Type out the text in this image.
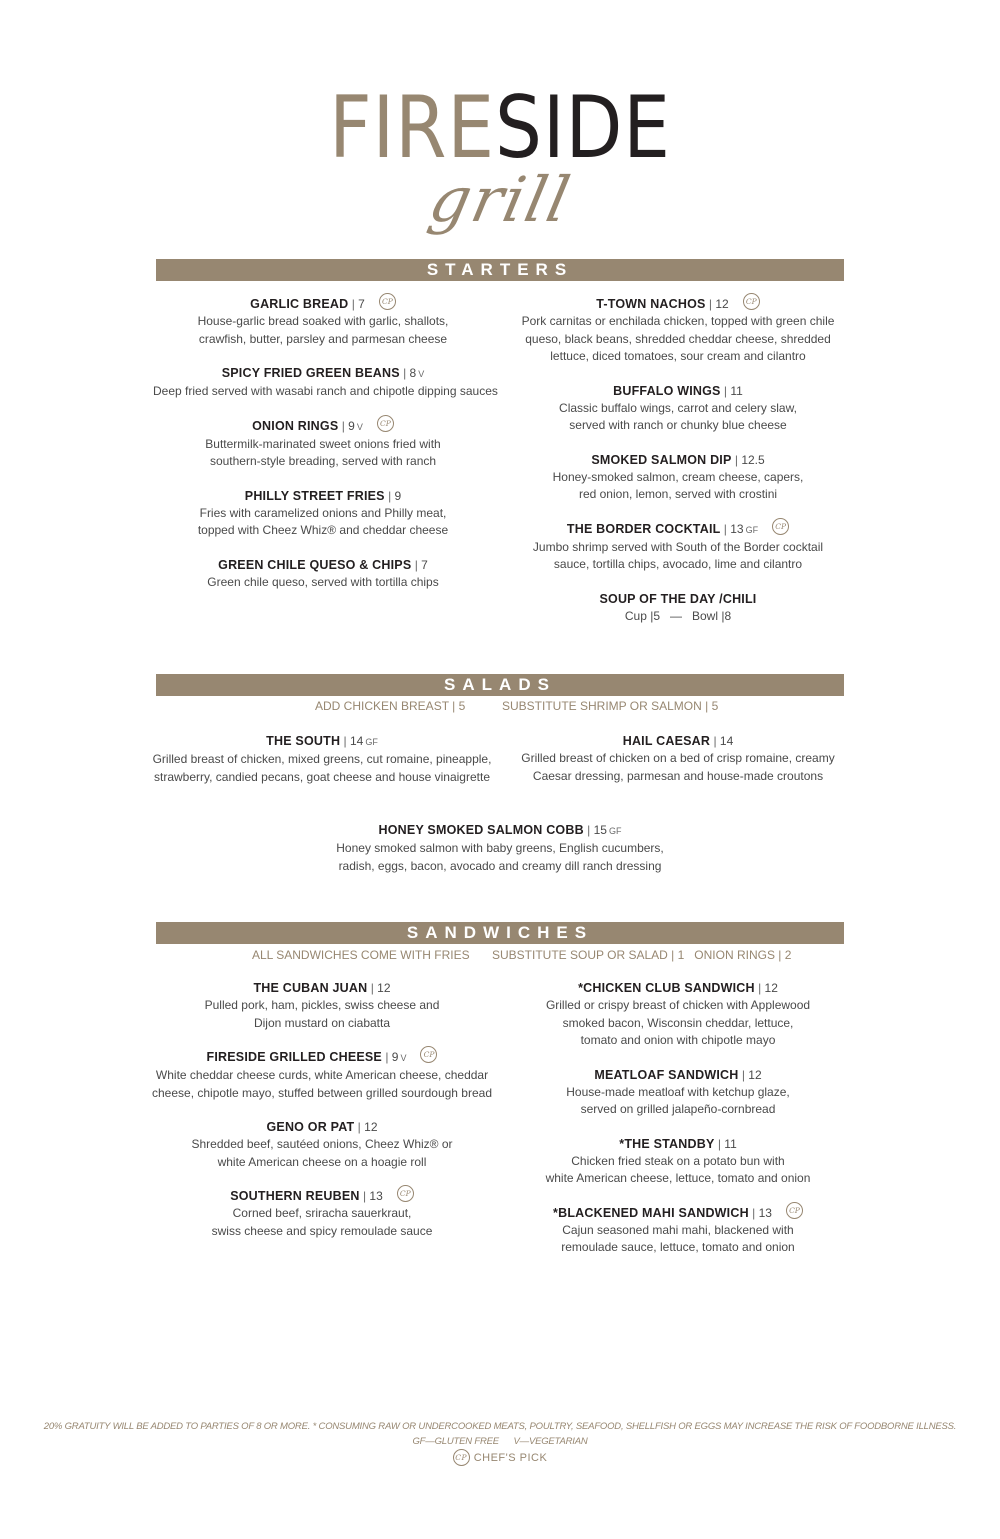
FIRESIDE
grill
STARTERS
GARLIC BREAD | 7 CP
House-garlic bread soaked with garlic, shallots,
crawfish, butter, parsley and parmesan cheese
SPICY FRIED GREEN BEANS | 8 V
Deep fried served with wasabi ranch and chipotle dipping sauces
ONION RINGS | 9 V CP
Buttermilk-marinated sweet onions fried with
southern-style breading, served with ranch
PHILLY STREET FRIES | 9
Fries with caramelized onions and Philly meat,
topped with Cheez Whiz® and cheddar cheese
GREEN CHILE QUESO & CHIPS | 7
Green chile queso, served with tortilla chips
T-TOWN NACHOS | 12 CP
Pork carnitas or enchilada chicken, topped with green chile
queso, black beans, shredded cheddar cheese, shredded
lettuce, diced tomatoes, sour cream and cilantro
BUFFALO WINGS | 11
Classic buffalo wings, carrot and celery slaw,
served with ranch or chunky blue cheese
SMOKED SALMON DIP | 12.5
Honey-smoked salmon, cream cheese, capers,
red onion, lemon, served with crostini
THE BORDER COCKTAIL | 13 GF CP
Jumbo shrimp served with South of the Border cocktail
sauce, tortilla chips, avocado, lime and cilantro
SOUP OF THE DAY /CHILI
Cup |5   —   Bowl |8
SALADS
ADD CHICKEN BREAST | 5	SUBSTITUTE SHRIMP OR SALMON | 5
THE SOUTH | 14 GF
Grilled breast of chicken, mixed greens, cut romaine, pineapple,
strawberry, candied pecans, goat cheese and house vinaigrette
HAIL CAESAR | 14
Grilled breast of chicken on a bed of crisp romaine, creamy
Caesar dressing, parmesan and house-made croutons
HONEY SMOKED SALMON COBB | 15 GF
Honey smoked salmon with baby greens, English cucumbers,
radish, eggs, bacon, avocado and creamy dill ranch dressing
SANDWICHES
ALL SANDWICHES COME WITH FRIES SUBSTITUTE SOUP OR SALAD | 1   ONION RINGS | 2
THE CUBAN JUAN | 12
Pulled pork, ham, pickles, swiss cheese and
Dijon mustard on ciabatta
FIRESIDE GRILLED CHEESE | 9 V CP
White cheddar cheese curds, white American cheese, cheddar
cheese, chipotle mayo, stuffed between grilled sourdough bread
GENO OR PAT | 12
Shredded beef, sautéed onions, Cheez Whiz® or
white American cheese on a hoagie roll
SOUTHERN REUBEN | 13 CP
Corned beef, sriracha sauerkraut,
swiss cheese and spicy remoulade sauce
*CHICKEN CLUB SANDWICH | 12
Grilled or crispy breast of chicken with Applewood
smoked bacon, Wisconsin cheddar, lettuce,
tomato and onion with chipotle mayo
MEATLOAF SANDWICH | 12
House-made meatloaf with ketchup glaze,
served on grilled jalapeño-cornbread
*THE STANDBY | 11
Chicken fried steak on a potato bun with
white American cheese, lettuce, tomato and onion
*BLACKENED MAHI SANDWICH | 13 CP
Cajun seasoned mahi mahi, blackened with
remoulade sauce, lettuce, tomato and onion
20% GRATUITY WILL BE ADDED TO PARTIES OF 8 OR MORE. * CONSUMING RAW OR UNDERCOOKED MEATS, POULTRY, SEAFOOD, SHELLFISH OR EGGS MAY INCREASE THE RISK OF FOODBORNE ILLNESS.
GF—GLUTEN FREE      V—VEGETARIAN
CP CHEF'S PICK
